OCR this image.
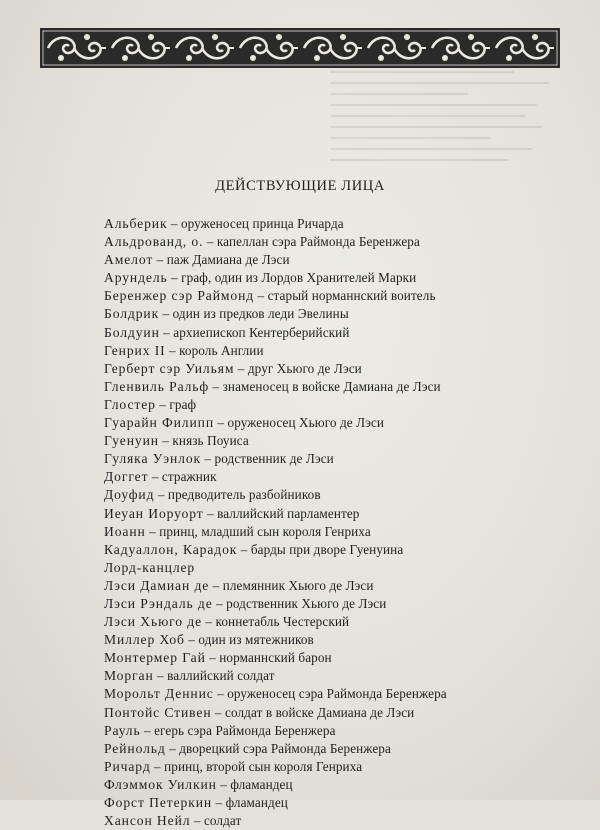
ДЕЙСТВУЮЩИЕ ЛИЦА
Альберик – оруженосец принца Ричарда
Альдрованд, о. – капеллан сэра Раймонда Беренжера
Амелот – паж Дамиана де Лэси
Арундель – граф, один из Лордов Хранителей Марки
Беренжер сэр Раймонд – старый норманнский воитель
Болдрик – один из предков леди Эвелины
Болдуин – архиепископ Кентерберийский
Генрих II – король Англии
Герберт сэр Уильям – друг Хьюго де Лэси
Гленвиль Ральф – знаменосец в войске Дамиана де Лэси
Глостер – граф
Гуарайн Филипп – оруженосец Хьюго де Лэси
Гуенуин – князь Поуиса
Гуляка Уэнлок – родственник де Лэси
Доггет – стражник
Доуфид – предводитель разбойников
Иеуан Иоруорт – валлийский парламентер
Иоанн – принц, младший сын короля Генриха
Кадуаллон, Карадок – барды при дворе Гуенуина
Лорд-канцлер
Лэси Дамиан де – племянник Хьюго де Лэси
Лэси Рэндаль де – родственник Хьюго де Лэси
Лэси Хьюго де – коннетабль Честерский
Миллер Хоб – один из мятежников
Монтермер Гай – норманнский барон
Морган – валлийский солдат
Морольт Деннис – оруженосец сэра Раймонда Беренжера
Понтойс Стивен – солдат в войске Дамиана де Лэси
Рауль – егерь сэра Раймонда Беренжера
Рейнольд – дворецкий сэра Раймонда Беренжера
Ричард – принц, второй сын короля Генриха
Флэммок Уилкин – фламандец
Форст Петеркин – фламандец
Хансон Нейл – солдат
